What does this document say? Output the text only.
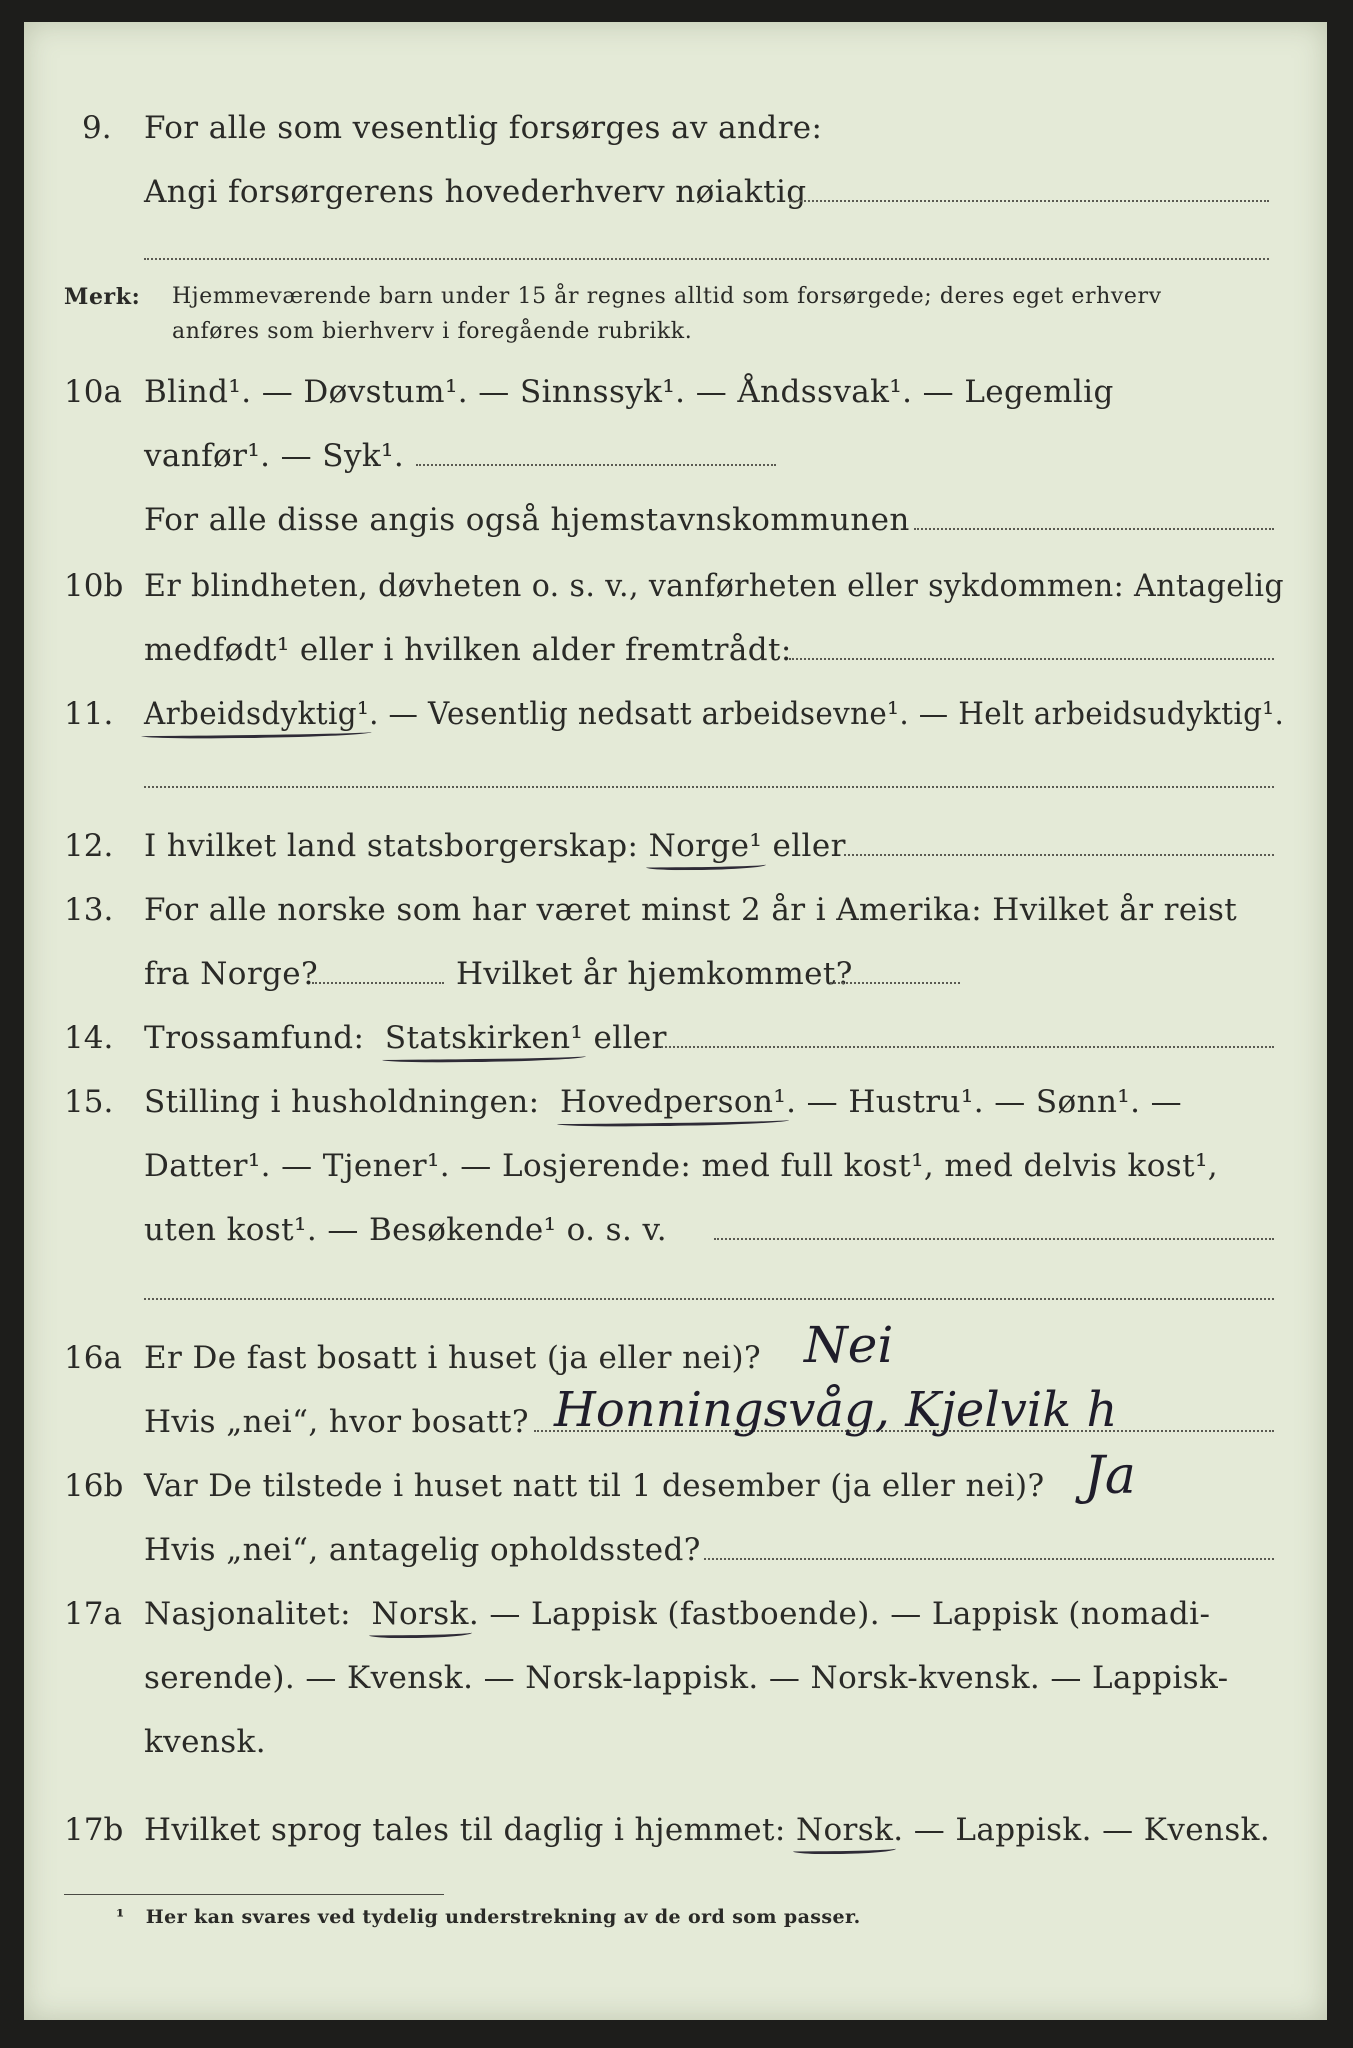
9. For alle som vesentlig forsørges av andre:
Angi forsørgerens hovederhverv nøiaktig
Merk: Hjemmeværende barn under 15 år regnes alltid som forsørgede; deres eget erhverv
anføres som bierhverv i foregående rubrikk.
10a Blind¹. — Døvstum¹. — Sinnssyk¹. — Åndssvak¹. — Legemlig
vanfør¹. — Syk¹.
For alle disse angis også hjemstavnskommunen
10b Er blindheten, døvheten o. s. v., vanførheten eller sykdommen: Antagelig
medfødt¹ eller i hvilken alder fremtrådt:
11. Arbeidsdyktig¹. — Vesentlig nedsatt arbeidsevne¹. — Helt arbeidsudyktig¹.
12. I hvilket land statsborgerskap: Norge¹ eller
13. For alle norske som har været minst 2 år i Amerika: Hvilket år reist
fra Norge?	Hvilket år hjemkommet?
14. Trossamfund: Statskirken¹ eller
15. Stilling i husholdningen: Hovedperson¹. — Hustru¹. — Sønn¹. —
Datter¹. — Tjener¹. — Losjerende: med full kost¹, med delvis kost¹,
uten kost¹. — Besøkende¹ o. s. v.
16a Er De fast bosatt i huset (ja eller nei)? Nei
Hvis „nei“, hvor bosatt? Honningsvåg, Kjelvik h
16b Var De tilstede i huset natt til 1 desember (ja eller nei)? Ja
Hvis „nei“, antagelig opholdssted?
17a Nasjonalitet: Norsk. — Lappisk (fastboende). — Lappisk (nomadi-
serende). — Kvensk. — Norsk-lappisk. — Norsk-kvensk. — Lappisk-
kvensk.
17b Hvilket sprog tales til daglig i hjemmet: Norsk. — Lappisk. — Kvensk.
¹ Her kan svares ved tydelig understrekning av de ord som passer.
